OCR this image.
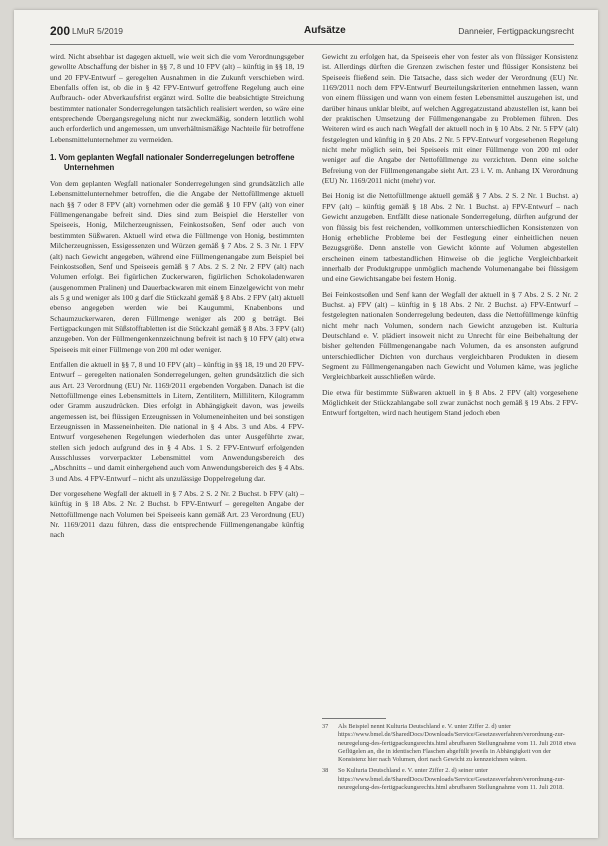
200 LMuR 5/2019	Aufsätze	Danneier, Fertigpackungsrecht

wird. Nicht absehbar ist dagegen aktuell, wie weit sich die vom Verordnungsgeber gewollte Abschaffung der bisher in §§ 7, 8 und 10 FPV (alt) – künftig in §§ 18, 19 und 20 FPV-Entwurf – geregelten Ausnahmen in die Zukunft verschieben wird. Ebenfalls offen ist, ob die in § 42 FPV-Entwurf getroffene Regelung auch eine Aufbrauch- oder Abverkaufsfrist ergänzt wird. Sollte die beabsichtigte Streichung bestimmter nationaler Sonderregelungen tatsächlich realisiert werden, so wäre eine entsprechende Übergangsregelung nicht nur zweckmäßig, sondern letztlich wohl auch erforderlich und angemessen, um unverhältnismäßige Nachteile für betroffene Lebensmittelunternehmer zu vermeiden.

1. Vom geplanten Wegfall nationaler Sonderregelungen betroffene Unternehmen

Von dem geplanten Wegfall nationaler Sonderregelungen sind grundsätzlich alle Lebensmittelunternehmer betroffen, die die Angabe der Nettofüllmenge aktuell nach §§ 7 oder 8 FPV (alt) vornehmen oder die gemäß § 10 FPV (alt) von einer Füllmengenangabe befreit sind. Dies sind zum Beispiel die Hersteller von Speiseeis, Honig, Milcherzeugnissen, Feinkostsoßen, Senf oder auch von bestimmten Süßwaren. Aktuell wird etwa die Füllmenge von Honig, bestimmten Milcherzeugnissen, Essigessenzen und Würzen gemäß § 7 Abs. 2 S. 3 Nr. 1 FPV (alt) nach Gewicht angegeben, während eine Füllmengenangabe zum Beispiel bei Feinkostsoßen, Senf und Speiseeis gemäß § 7 Abs. 2 S. 2 Nr. 2 FPV (alt) nach Volumen erfolgt. Bei figürlichen Zuckerwaren, figürlichen Schokoladenwaren (ausgenommen Pralinen) und Dauerbackwaren mit einem Einzelgewicht von mehr als 5 g und weniger als 100 g darf die Stückzahl gemäß § 8 Abs. 2 FPV (alt) aktuell ebenso angegeben werden wie bei Kaugummi, Knabenbons und Schaumzuckerwaren, deren Füllmenge weniger als 200 g beträgt. Bei Fertigpackungen mit Süßstofftabletten ist die Stückzahl gemäß § 8 Abs. 3 FPV (alt) anzugeben. Von der Füllmengenkennzeichnung befreit ist nach § 10 FPV (alt) etwa Speiseeis mit einer Füllmenge von 200 ml oder weniger.

Entfallen die aktuell in §§ 7, 8 und 10 FPV (alt) – künftig in §§ 18, 19 und 20 FPV-Entwurf – geregelten nationalen Sonderregelungen, gelten grundsätzlich die sich aus Art. 23 Verordnung (EU) Nr. 1169/2011 ergebenden Vorgaben. Danach ist die Nettofüllmenge eines Lebensmittels in Litern, Zentilitern, Millilitern, Kilogramm oder Gramm auszudrücken. Dies erfolgt in Abhängigkeit davon, was jeweils angemessen ist, bei flüssigen Erzeugnissen in Volumeneinheiten und bei sonstigen Erzeugnissen in Masseneinheiten. Die national in § 4 Abs. 3 und Abs. 4 FPV-Entwurf vorgesehenen Regelungen wiederholen das unter Ausgeführte zwar, stellen sich jedoch aufgrund des in § 4 Abs. 1 S. 2 FPV-Entwurf erfolgenden Ausschlusses vorverpackter Lebensmittel vom Anwendungsbereich des „Abschnitts – und damit einhergehend auch vom Anwendungsbereich des § 4 Abs. 3 und Abs. 4 FPV-Entwurf – nicht als unzulässige Doppelregelung dar.

Der vorgesehene Wegfall der aktuell in § 7 Abs. 2 S. 2 Nr. 2 Buchst. b FPV (alt) – künftig in § 18 Abs. 2 Nr. 2 Buchst. b FPV-Entwurf – geregelten Angabe der Nettofüllmenge nach Volumen bei Speiseeis kann gemäß Art. 23 Verordnung (EU) Nr. 1169/2011 dazu führen, dass die entsprechende Füllmengenangabe künftig nach

Gewicht zu erfolgen hat, da Speiseeis eher von fester als von flüssiger Konsistenz ist. Allerdings dürften die Grenzen zwischen fester und flüssiger Konsistenz bei Speiseeis fließend sein. Die Tatsache, dass sich weder der Verordnung (EU) Nr. 1169/2011 noch dem FPV-Entwurf Beurteilungskriterien entnehmen lassen, wann von einem flüssigen und wann von einem festen Lebensmittel auszugehen ist, und darüber hinaus unklar bleibt, auf welchen Aggregatzustand abzustellen ist, kann bei der praktischen Umsetzung der Füllmengenangabe zu Problemen führen. Des Weiteren wird es auch nach Wegfall der aktuell noch in § 10 Abs. 2 Nr. 5 FPV (alt) festgelegten und künftig in § 20 Abs. 2 Nr. 5 FPV-Entwurf vorgesehenen Regelung nicht mehr möglich sein, bei Speiseeis mit einer Füllmenge von 200 ml oder weniger auf die Angabe der Nettofüllmenge zu verzichten. Denn eine solche Befreiung von der Füllmengenangabe sieht Art. 23 i. V. m. Anhang IX Verordnung (EU) Nr. 1169/2011 nicht (mehr) vor.

Bei Honig ist die Nettofüllmenge aktuell gemäß § 7 Abs. 2 S. 2 Nr. 1 Buchst. a) FPV (alt) – künftig gemäß § 18 Abs. 2 Nr. 1 Buchst. a) FPV-Entwurf – nach Gewicht anzugeben. Entfällt diese nationale Sonderregelung, dürften aufgrund der von flüssig bis fest reichenden, vollkommen unterschiedlichen Konsistenzen von Honig erhebliche Probleme bei der Festlegung einer einheitlichen neuen Bezugsgröße. Denn anstelle von Gewicht könnte auf Volumen abgestellen erscheinen einem tatbestandlichen Hinweise ob die jegliche Vergleichbarkeit innerhalb der Produktgruppe unmöglich machende Volumenangabe bei flüssigem und eine Gewichtsangabe bei festem Honig.

Bei Feinkostsoßen und Senf kann der Wegfall der aktuell in § 7 Abs. 2 S. 2 Nr. 2 Buchst. a) FPV (alt) – künftig in § 18 Abs. 2 Nr. 2 Buchst. a) FPV-Entwurf – festgelegten nationalen Sonderregelung bedeuten, dass die Nettofüllmenge künftig nicht mehr nach Volumen, sondern nach Gewicht anzugeben ist. Kulturia Deutschland e. V. plädiert insoweit nicht zu Unrecht für eine Beibehaltung der bisher geltenden Füllmengenangabe nach Volumen, da es ansonsten aufgrund unterschiedlicher Dichten von durchaus vergleichbaren Produkten in diesem Segment zu Füllmengenangaben nach Gewicht und Volumen käme, was jegliche Vergleichbarkeit ausschließen würde.

Die etwa für bestimmte Süßwaren aktuell in § 8 Abs. 2 FPV (alt) vorgesehene Möglichkeit der Stückzahlangabe soll zwar zunächst noch gemäß § 19 Abs. 2 FPV-Entwurf fortgelten, wird nach heutigem Stand jedoch eben

37	Als Beispiel nennt Kulturia Deutschland e. V. unter Ziffer 2. d) unter https://www.bmel.de/SharedDocs/Downloads/Service/Gesetzesverfahren/verordnung-zur-neuregelung-des-fertigpackungsrechts.html abrufbaren Stellungnahme vom 11. Juli 2018 etwa Geflügelen an, die in identischen Flaschen abgefüllt jeweils in Abhängigkeit von der Konsistenz hier nach Volumen, dort nach Gewicht zu kennzeichnen wären.
38	So Kulturia Deutschland e. V. unter Ziffer 2. d) seiner unter https://www.bmel.de/SharedDocs/Downloads/Service/Gesetzesverfahren/verordnung-zur-neuregelung-des-fertigpackungsrechts.html abrufbaren Stellungnahme vom 11. Juli 2018.
